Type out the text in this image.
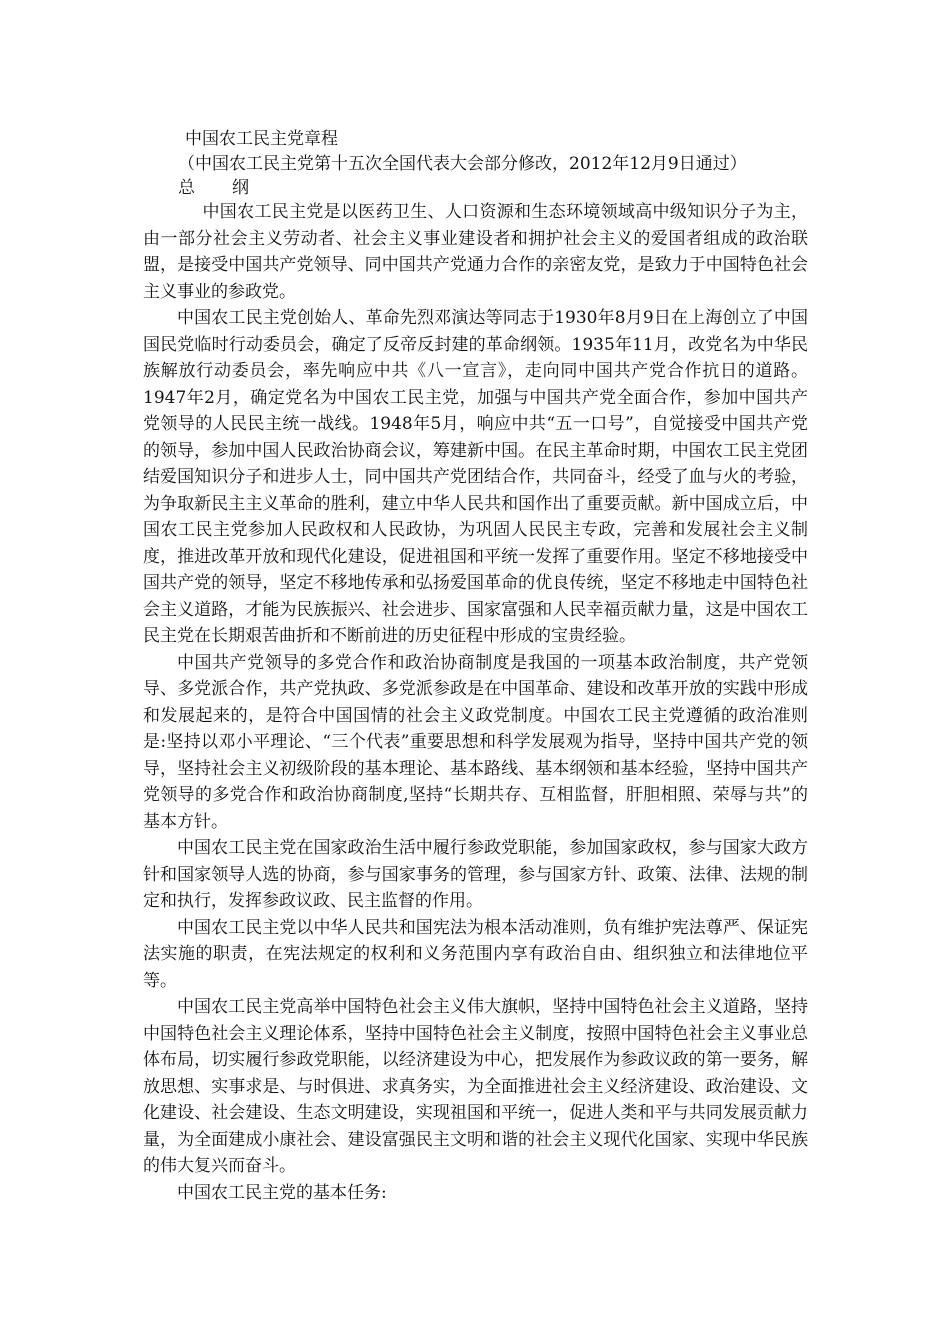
中国农工民主党章程
（中国农工民主党第十五次全国代表大会部分修改，2012年12月9日通过）
总　纲

中国农工民主党是以医药卫生、人口资源和生态环境领域高中级知识分子为主，由一部分社会主义劳动者、社会主义事业建设者和拥护社会主义的爱国者组成的政治联盟，是接受中国共产党领导、同中国共产党通力合作的亲密友党，是致力于中国特色社会主义事业的参政党。

中国农工民主党创始人、革命先烈邓演达等同志于1930年8月9日在上海创立了中国国民党临时行动委员会，确定了反帝反封建的革命纲领。1935年11月，改党名为中华民族解放行动委员会，率先响应中共《八一宣言》，走向同中国共产党合作抗日的道路。1947年2月，确定党名为中国农工民主党，加强与中国共产党全面合作，参加中国共产党领导的人民民主统一战线。1948年5月，响应中共“五一口号”，自觉接受中国共产党的领导，参加中国人民政治协商会议，筹建新中国。在民主革命时期，中国农工民主党团结爱国知识分子和进步人士，同中国共产党团结合作，共同奋斗，经受了血与火的考验，为争取新民主主义革命的胜利，建立中华人民共和国作出了重要贡献。新中国成立后，中国农工民主党参加人民政权和人民政协，为巩固人民民主专政，完善和发展社会主义制度，推进改革开放和现代化建设，促进祖国和平统一发挥了重要作用。坚定不移地接受中国共产党的领导，坚定不移地传承和弘扬爱国革命的优良传统，坚定不移地走中国特色社会主义道路，才能为民族振兴、社会进步、国家富强和人民幸福贡献力量，这是中国农工民主党在长期艰苦曲折和不断前进的历史征程中形成的宝贵经验。

中国共产党领导的多党合作和政治协商制度是我国的一项基本政治制度，共产党领导、多党派合作，共产党执政、多党派参政是在中国革命、建设和改革开放的实践中形成和发展起来的，是符合中国国情的社会主义政党制度。中国农工民主党遵循的政治准则是:坚持以邓小平理论、“三个代表”重要思想和科学发展观为指导，坚持中国共产党的领导，坚持社会主义初级阶段的基本理论、基本路线、基本纲领和基本经验，坚持中国共产党领导的多党合作和政治协商制度,坚持“长期共存、互相监督，肝胆相照、荣辱与共”的基本方针。

中国农工民主党在国家政治生活中履行参政党职能，参加国家政权，参与国家大政方针和国家领导人选的协商，参与国家事务的管理，参与国家方针、政策、法律、法规的制定和执行，发挥参政议政、民主监督的作用。

中国农工民主党以中华人民共和国宪法为根本活动准则，负有维护宪法尊严、保证宪法实施的职责，在宪法规定的权利和义务范围内享有政治自由、组织独立和法律地位平等。

中国农工民主党高举中国特色社会主义伟大旗帜，坚持中国特色社会主义道路，坚持中国特色社会主义理论体系，坚持中国特色社会主义制度，按照中国特色社会主义事业总体布局，切实履行参政党职能，以经济建设为中心，把发展作为参政议政的第一要务，解放思想、实事求是、与时俱进、求真务实，为全面推进社会主义经济建设、政治建设、文化建设、社会建设、生态文明建设，实现祖国和平统一，促进人类和平与共同发展贡献力量，为全面建成小康社会、建设富强民主文明和谐的社会主义现代化国家、实现中华民族的伟大复兴而奋斗。

中国农工民主党的基本任务:
